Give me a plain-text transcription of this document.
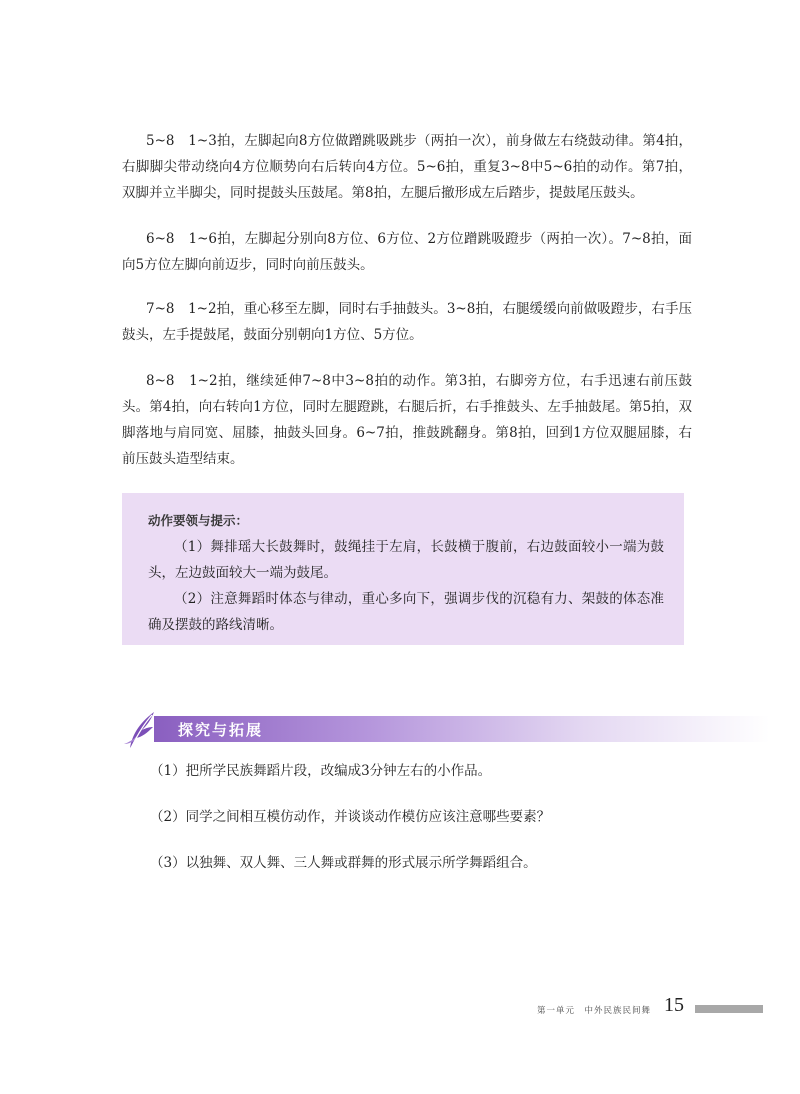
5~8　1~3拍，左脚起向8方位做蹭跳吸跳步（两拍一次），前身做左右绕鼓动律。第4拍，右脚脚尖带动绕向4方位顺势向右后转向4方位。5~6拍，重复3~8中5~6拍的动作。第7拍，双脚并立半脚尖，同时提鼓头压鼓尾。第8拍，左腿后撤形成左后踏步，提鼓尾压鼓头。

6~8　1~6拍，左脚起分别向8方位、6方位、2方位蹭跳吸蹬步（两拍一次）。7~8拍，面向5方位左脚向前迈步，同时向前压鼓头。

7~8　1~2拍，重心移至左脚，同时右手抽鼓头。3~8拍，右腿缓缓向前做吸蹬步，右手压鼓头，左手提鼓尾，鼓面分别朝向1方位、5方位。

8~8　1~2拍，继续延伸7~8中3~8拍的动作。第3拍，右脚旁方位，右手迅速右前压鼓头。第4拍，向右转向1方位，同时左腿蹬跳，右腿后折，右手推鼓头、左手抽鼓尾。第5拍，双脚落地与肩同宽、屈膝，抽鼓头回身。6~7拍，推鼓跳翻身。第8拍，回到1方位双腿屈膝，右前压鼓头造型结束。

动作要领与提示：

（1）舞排瑶大长鼓舞时，鼓绳挂于左肩，长鼓横于腹前，右边鼓面较小一端为鼓头，左边鼓面较大一端为鼓尾。

（2）注意舞蹈时体态与律动，重心多向下，强调步伐的沉稳有力、架鼓的体态准确及摆鼓的路线清晰。

探究与拓展

（1）把所学民族舞蹈片段，改编成3分钟左右的小作品。

（2）同学之间相互模仿动作，并谈谈动作模仿应该注意哪些要素？

（3）以独舞、双人舞、三人舞或群舞的形式展示所学舞蹈组合。

第一单元　中外民族民间舞 15
